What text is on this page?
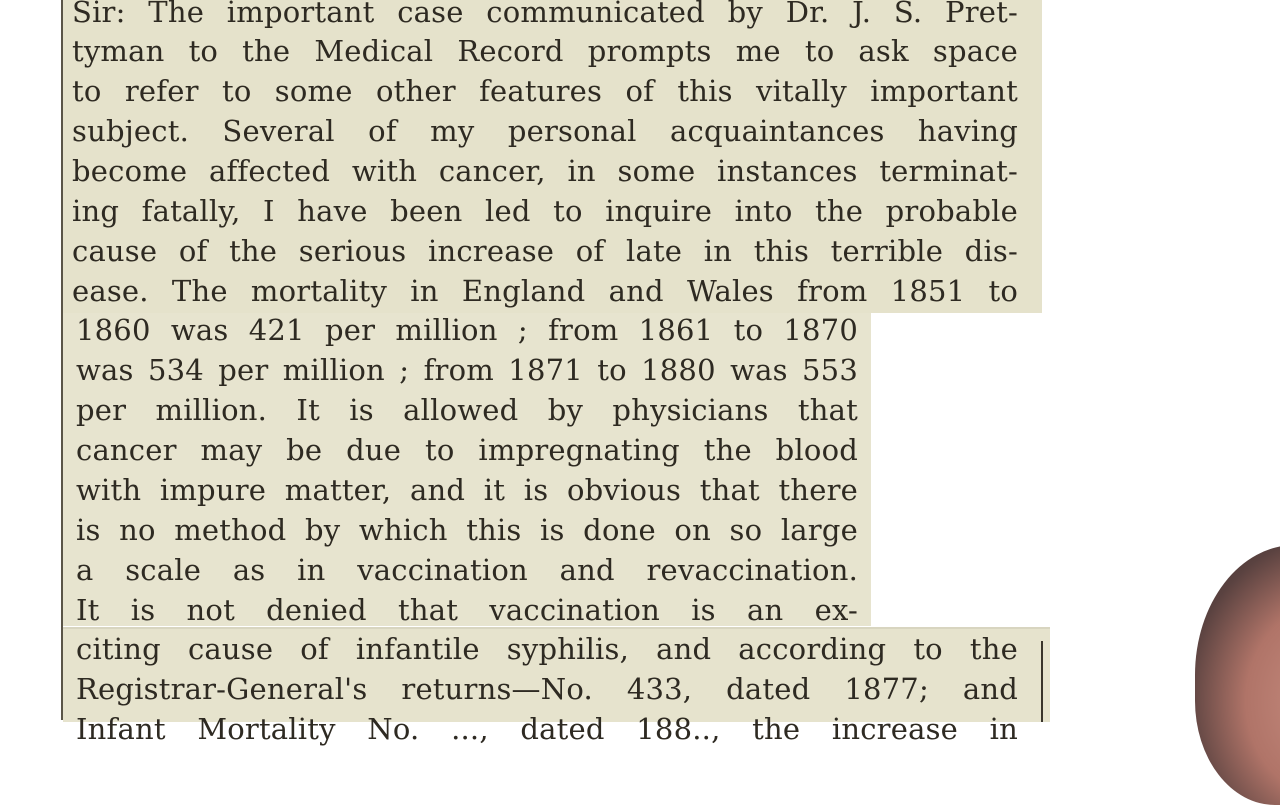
Sir: The important case communicated by Dr. J. S. Pret-
tyman to the Medical Record prompts me to ask space
to refer to some other features of this vitally important
subject. Several of my personal acquaintances having
become affected with cancer, in some instances terminat-
ing fatally, I have been led to inquire into the probable
cause of the serious increase of late in this terrible dis-
ease. The mortality in England and Wales from 1851 to
1860 was 421 per million ; from 1861 to 1870
was 534 per million ; from 1871 to 1880 was 553
per million. It is allowed by physicians that
cancer may be due to impregnating the blood
with impure matter, and it is obvious that there
is no method by which this is done on so large
a scale as in vaccination and revaccination.
It is not denied that vaccination is an ex-
citing cause of infantile syphilis, and according to the
Registrar-General's returns—No. 433, dated 1877; and
Infant Mortality No. ..., dated 188.., the increase in
